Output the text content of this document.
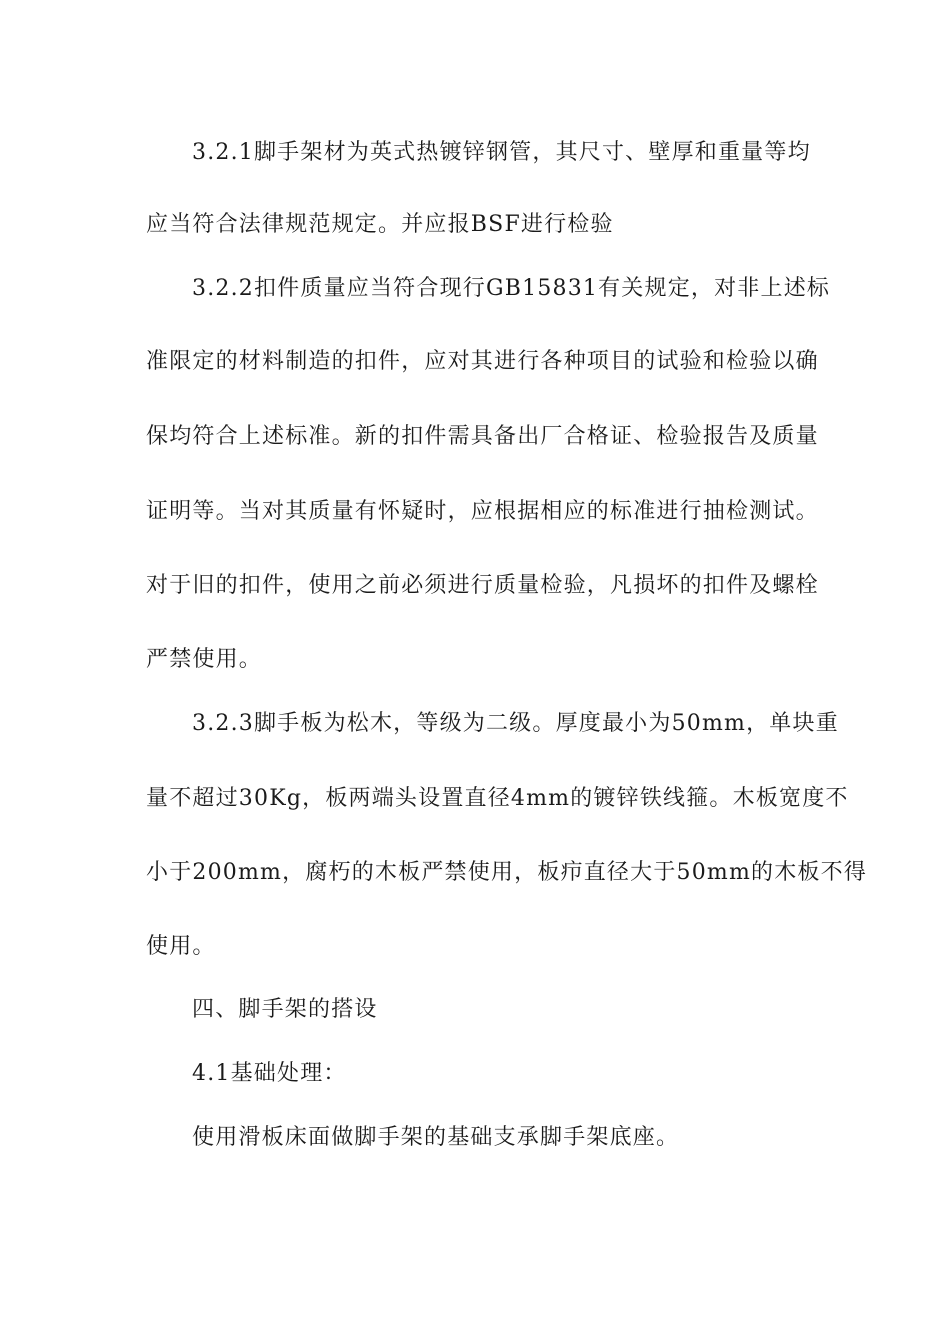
3.2.1脚手架材为英式热镀锌钢管，其尺寸、壁厚和重量等均
应当符合法律规范规定。并应报BSF进行检验
3.2.2扣件质量应当符合现行GB15831有关规定，对非上述标
准限定的材料制造的扣件，应对其进行各种项目的试验和检验以确
保均符合上述标准。新的扣件需具备出厂合格证、检验报告及质量
证明等。当对其质量有怀疑时，应根据相应的标准进行抽检测试。
对于旧的扣件，使用之前必须进行质量检验，凡损坏的扣件及螺栓
严禁使用。
3.2.3脚手板为松木，等级为二级。厚度最小为50mm，单块重
量不超过30Kg，板两端头设置直径4mm的镀锌铁线箍。木板宽度不
小于200mm，腐朽的木板严禁使用，板疖直径大于50mm的木板不得
使用。
四、脚手架的搭设
4.1基础处理：
使用滑板床面做脚手架的基础支承脚手架底座。
